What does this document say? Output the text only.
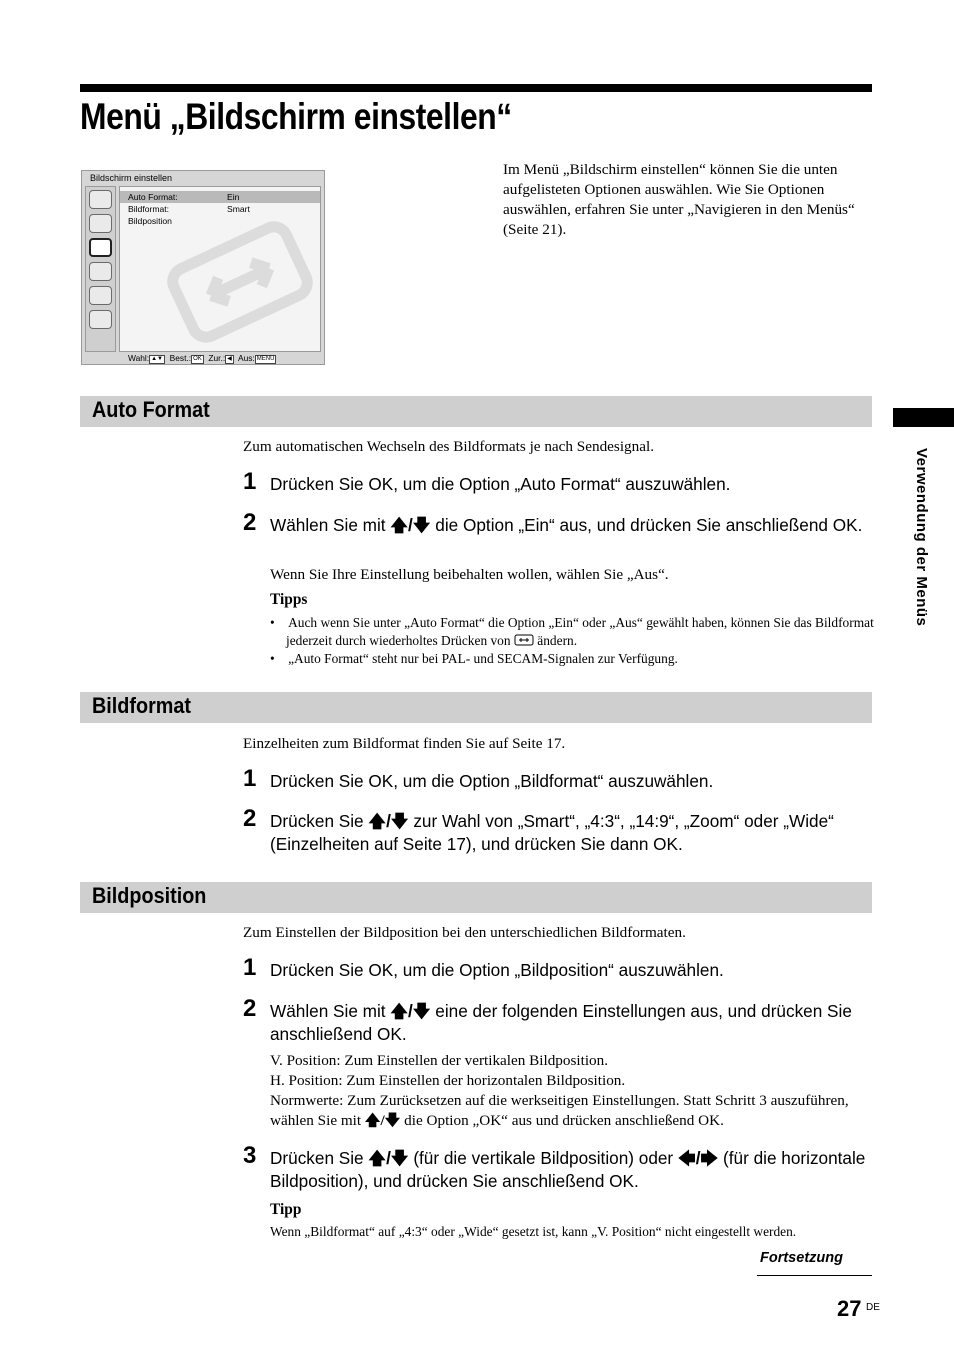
Menü „Bildschirm einstellen“
Bildschirm einstellen
Auto Format:	Ein
Bildformat:	Smart
Bildposition
Wahl: ▲▼ Best.: OK Zur.: ◀ Aus: MENU
Im Menü „Bildschirm einstellen“ können Sie die unten aufgelisteten Optionen auswählen. Wie Sie Optionen auswählen, erfahren Sie unter „Navigieren in den Menüs“ (Seite 21).
Auto Format
Zum automatischen Wechseln des Bildformats je nach Sendesignal.
1 Drücken Sie OK, um die Option „Auto Format“ auszuwählen.
2 Wählen Sie mit 🡅/🡇 die Option „Ein“ aus, und drücken Sie anschließend OK.
Wenn Sie Ihre Einstellung beibehalten wollen, wählen Sie „Aus“.
Tipps
•    Auch wenn Sie unter „Auto Format“ die Option „Ein“ oder „Aus“ gewählt haben, können Sie das Bildformat jederzeit durch wiederholtes Drücken von ändern.
•    „Auto Format“ steht nur bei PAL- und SECAM-Signalen zur Verfügung.
Bildformat
Einzelheiten zum Bildformat finden Sie auf Seite 17.
1 Drücken Sie OK, um die Option „Bildformat“ auszuwählen.
2 Drücken Sie 🡅/🡇 zur Wahl von „Smart“, „4:3“, „14:9“, „Zoom“ oder „Wide“ (Einzelheiten auf Seite 17), und drücken Sie dann OK.
Bildposition
Zum Einstellen der Bildposition bei den unterschiedlichen Bildformaten.
1 Drücken Sie OK, um die Option „Bildposition“ auszuwählen.
2 Wählen Sie mit 🡅/🡇 eine der folgenden Einstellungen aus, und drücken Sie anschließend OK.
V. Position: Zum Einstellen der vertikalen Bildposition.
H. Position: Zum Einstellen der horizontalen Bildposition.
Normwerte: Zum Zurücksetzen auf die werkseitigen Einstellungen. Statt Schritt 3 auszuführen, wählen Sie mit 🡅/🡇 die Option „OK“ aus und drücken anschließend OK.
3 Drücken Sie 🡅/🡇 (für die vertikale Bildposition) oder 🡄/🡆 (für die horizontale Bildposition), und drücken Sie anschließend OK.
Tipp
Wenn „Bildformat“ auf „4:3“ oder „Wide“ gesetzt ist, kann „V. Position“ nicht eingestellt werden.
Verwendung der Menüs
Fortsetzung
27 DE
